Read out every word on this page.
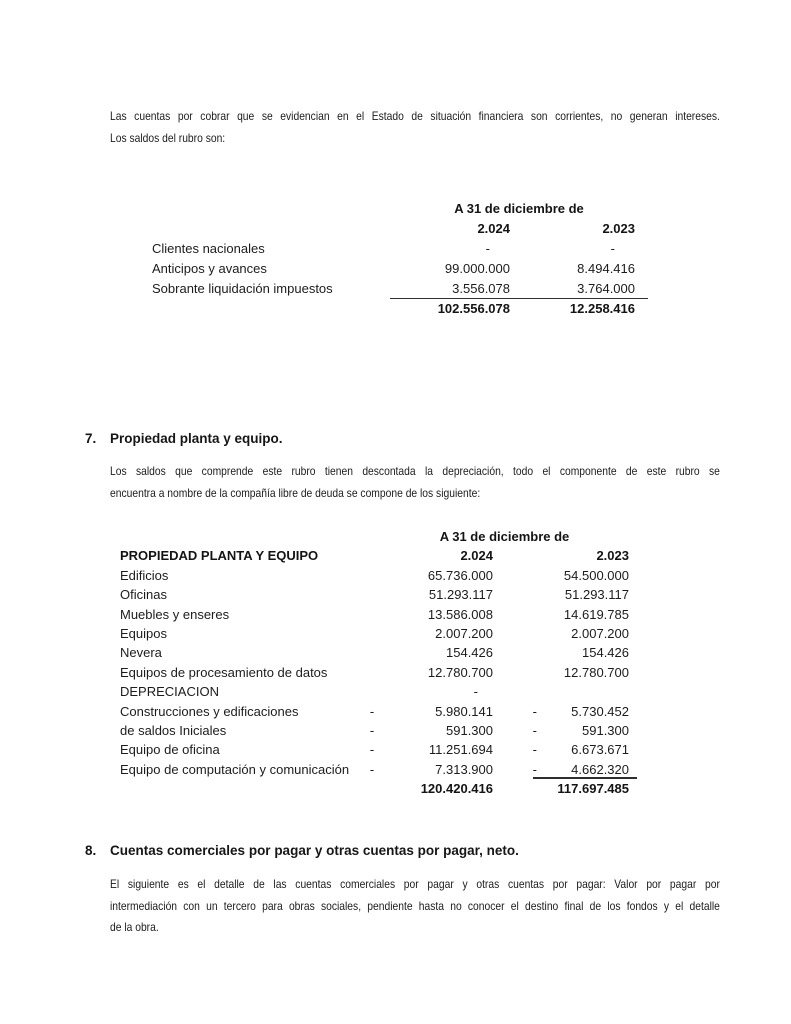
Las cuentas por cobrar que se evidencian en el Estado de situación financiera son corrientes, no generan intereses.
Los saldos del rubro son:
A 31 de diciembre de
2.024	2.023
Clientes nacionales	-	-
Anticipos y avances	99.000.000	8.494.416
Sobrante liquidación impuestos	3.556.078	3.764.000
102.556.078	12.258.416
7.	Propiedad planta y equipo.
Los saldos que comprende este rubro tienen descontada la depreciación, todo el componente de este rubro se
encuentra a nombre de la compañía libre de deuda se compone de los siguiente:
A 31 de diciembre de
PROPIEDAD PLANTA Y EQUIPO	2.024	2.023
Edificios	65.736.000	54.500.000
Oficinas	51.293.117	51.293.117
Muebles y enseres	13.586.008	14.619.785
Equipos	2.007.200	2.007.200
Nevera	154.426	154.426
Equipos de procesamiento de datos	12.780.700	12.780.700
DEPRECIACION	-
Construcciones y edificaciones	-	5.980.141	-	5.730.452
de saldos Iniciales	-	591.300	-	591.300
Equipo de oficina	-	11.251.694	-	6.673.671
Equipo de computación y comunicación	-	7.313.900	-	4.662.320
120.420.416	117.697.485
8.	Cuentas comerciales por pagar y otras cuentas por pagar, neto.
El siguiente es el detalle de las cuentas comerciales por pagar y otras cuentas por pagar: Valor por pagar por
intermediación con un tercero para obras sociales, pendiente hasta no conocer el destino final de los fondos y el detalle
de la obra.
